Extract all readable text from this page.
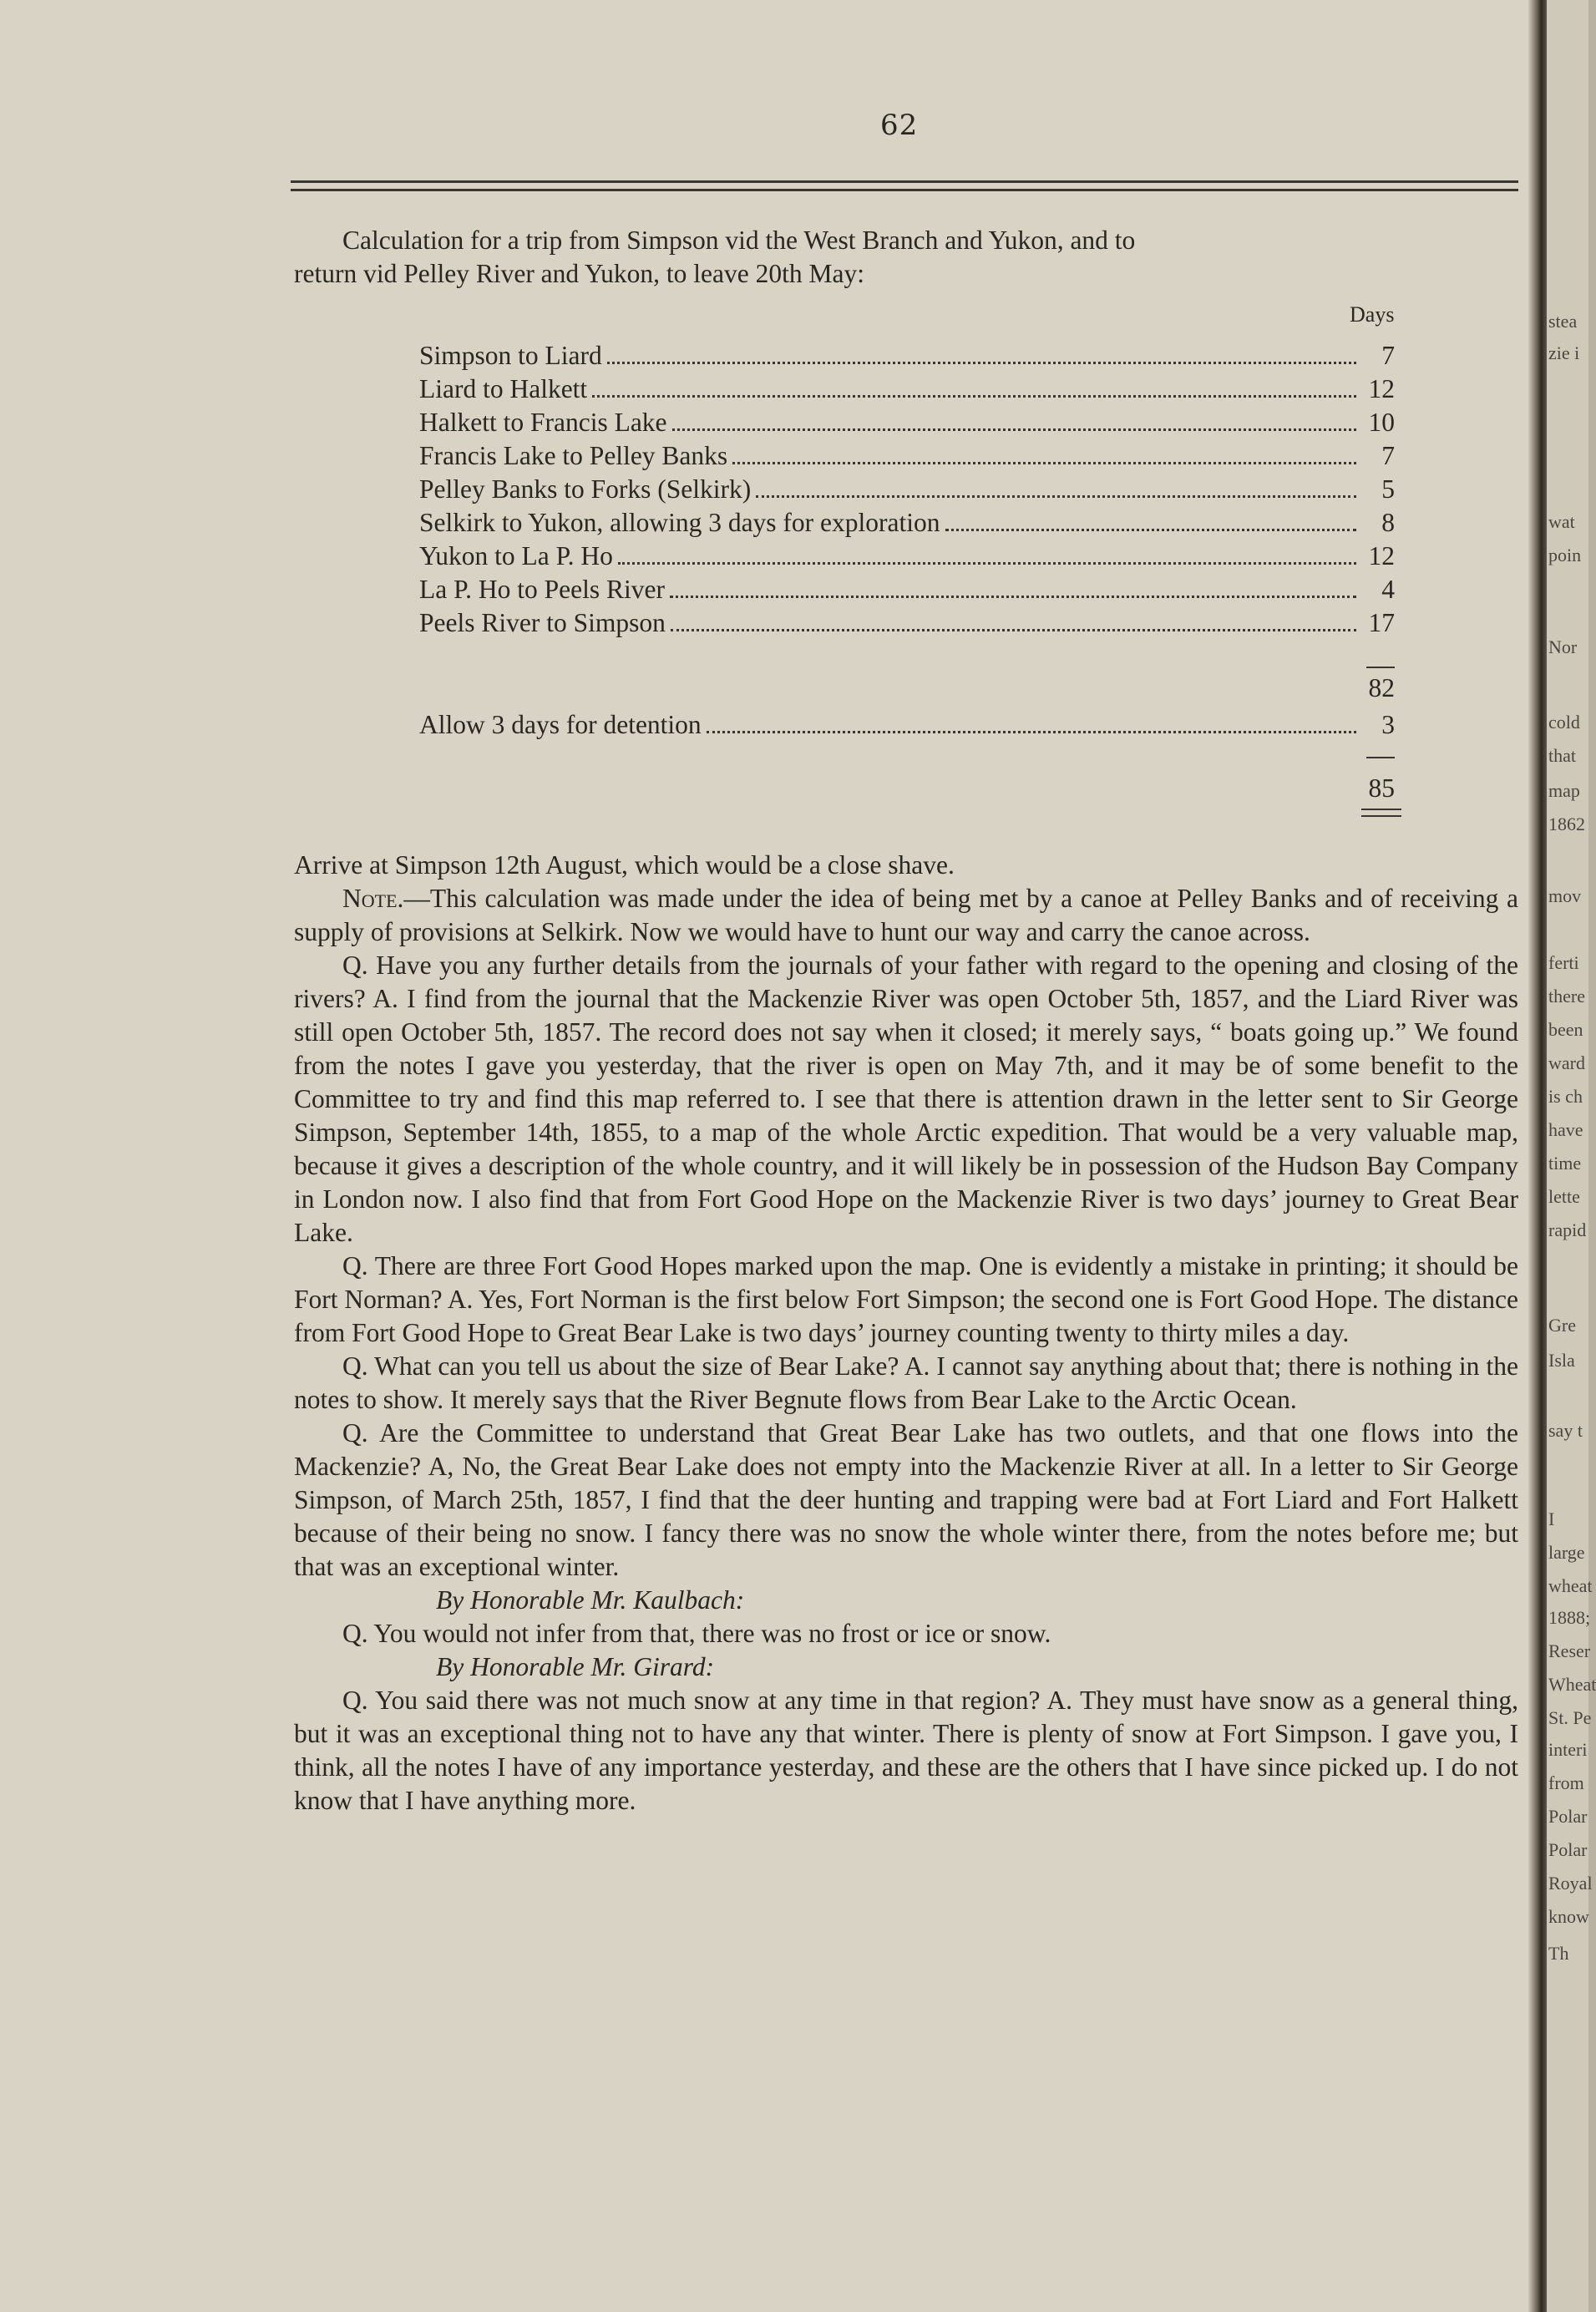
62

Calculation for a trip from Simpson vid the West Branch and Yukon, and to

return vid Pelley River and Yukon, to leave 20th May:

Days
Simpson to Liard	7
Liard to Halkett	12
Halkett to Francis Lake	10
Francis Lake to Pelley Banks	7
Pelley Banks to Forks (Selkirk)	5
Selkirk to Yukon, allowing 3 days for exploration	8
Yukon to La P. Ho	12
La P. Ho to Peels River	4
Peels River to Simpson	17
82
Allow 3 days for detention	3
85

Arrive at Simpson 12th August, which would be a close shave.

Note.—This calculation was made under the idea of being met by a canoe at Pelley Banks and of receiving a supply of provisions at Selkirk. Now we would have to hunt our way and carry the canoe across.

Q. Have you any further details from the journals of your father with regard to the opening and closing of the rivers? A. I find from the journal that the Mackenzie River was open October 5th, 1857, and the Liard River was still open October 5th, 1857. The record does not say when it closed; it merely says, “ boats going up.” We found from the notes I gave you yesterday, that the river is open on May 7th, and it may be of some benefit to the Committee to try and find this map referred to. I see that there is attention drawn in the letter sent to Sir George Simpson, September 14th, 1855, to a map of the whole Arctic expedition. That would be a very valuable map, because it gives a description of the whole country, and it will likely be in possession of the Hudson Bay Company in London now. I also find that from Fort Good Hope on the Mackenzie River is two days’ journey to Great Bear Lake.

Q. There are three Fort Good Hopes marked upon the map. One is evidently a mistake in printing; it should be Fort Norman? A. Yes, Fort Norman is the first below Fort Simpson; the second one is Fort Good Hope. The distance from Fort Good Hope to Great Bear Lake is two days’ journey counting twenty to thirty miles a day.

Q. What can you tell us about the size of Bear Lake? A. I cannot say anything about that; there is nothing in the notes to show. It merely says that the River Begnute flows from Bear Lake to the Arctic Ocean.

Q. Are the Committee to understand that Great Bear Lake has two outlets, and that one flows into the Mackenzie? A, No, the Great Bear Lake does not empty into the Mackenzie River at all. In a letter to Sir George Simpson, of March 25th, 1857, I find that the deer hunting and trapping were bad at Fort Liard and Fort Halkett because of their being no snow. I fancy there was no snow the whole winter there, from the notes before me; but that was an exceptional winter.

By Honorable Mr. Kaulbach:

Q. You would not infer from that, there was no frost or ice or snow.

By Honorable Mr. Girard:

Q. You said there was not much snow at any time in that region? A. They must have snow as a general thing, but it was an exceptional thing not to have any that winter. There is plenty of snow at Fort Simpson. I gave you, I think, all the notes I have of any importance yesterday, and these are the others that I have since picked up. I do not know that I have anything more.

stea
zie i
wat
poin
Nor
cold
that
map
1862
mov
ferti
there
been
ward
is ch
have
time
lette
rapid
Gre
Isla
say t
I
large
wheat
1888;
Reser
Wheat
St. Pe
interi
from
Polar
Polar
Royal
know
Th
